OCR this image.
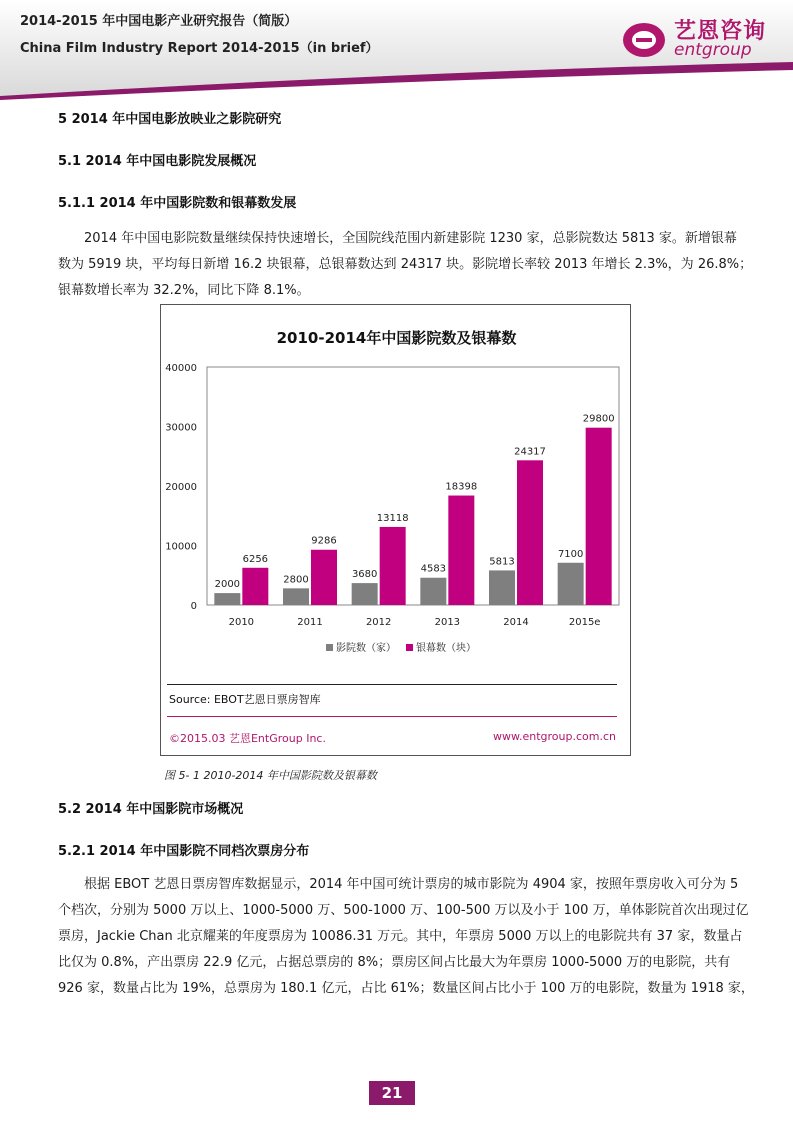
2014-2015 年中国电影产业研究报告（简版）
China Film Industry Report 2014-2015（in brief）
艺恩咨询
entgroup
5 2014 年中国电影放映业之影院研究
5.1 2014 年中国电影院发展概况
5.1.1 2014 年中国影院数和银幕数发展
2014 年中国电影院数量继续保持快速增长，全国院线范围内新建影院 1230 家，总影院数达 5813 家。新增银幕
数为 5919 块，平均每日新增 16.2 块银幕，总银幕数达到 24317 块。影院增长率较 2013 年增长 2.3%，为 26.8%；
银幕数增长率为 32.2%，同比下降 8.1%。
2010-2014年中国影院数及银幕数
0
10000
20000
30000
40000
2000
6256
2010
2800
9286
2011
3680
13118
2012
4583
18398
2013
5813
24317
2014
7100
29800
2015e
影院数（家） 银幕数（块）
Source: EBOT艺恩日票房智库
©2015.03 艺恩EntGroup Inc.	www.entgroup.com.cn
图 5- 1 2010-2014 年中国影院数及银幕数
5.2 2014 年中国影院市场概况
5.2.1 2014 年中国影院不同档次票房分布
根据 EBOT 艺恩日票房智库数据显示，2014 年中国可统计票房的城市影院为 4904 家，按照年票房收入可分为 5
个档次，分别为 5000 万以上、1000-5000 万、500-1000 万、100-500 万以及小于 100 万，单体影院首次出现过亿
票房，Jackie Chan 北京耀莱的年度票房为 10086.31 万元。其中，年票房 5000 万以上的电影院共有 37 家，数量占
比仅为 0.8%，产出票房 22.9 亿元，占据总票房的 8%；票房区间占比最大为年票房 1000-5000 万的电影院，共有
926 家，数量占比为 19%，总票房为 180.1 亿元，占比 61%；数量区间占比小于 100 万的电影院，数量为 1918 家，
21
